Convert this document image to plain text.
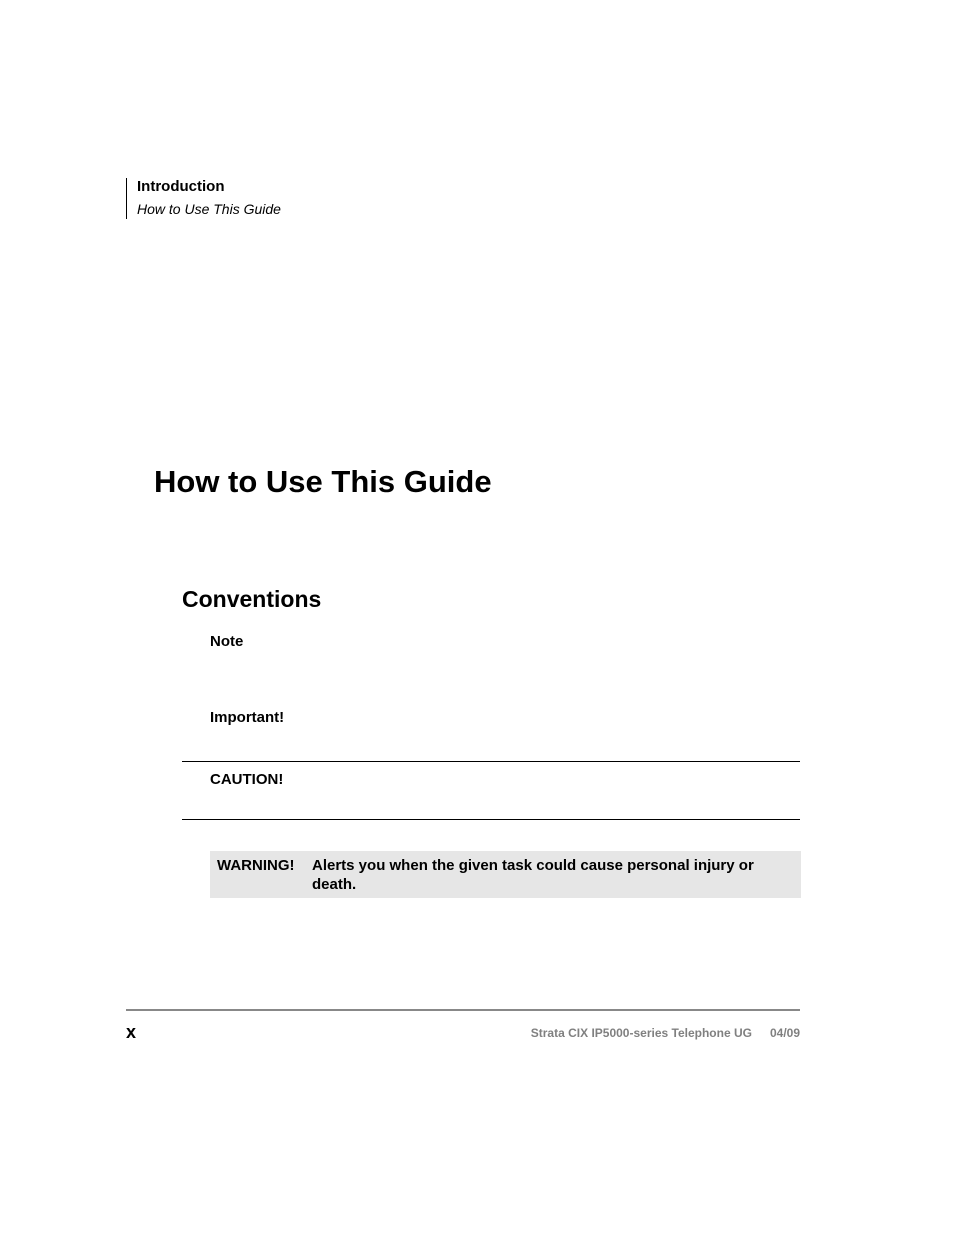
Introduction
How to Use This Guide
How to Use This Guide
Conventions
Note
Important!
CAUTION!
WARNING!	Alerts you when the given task could cause personal injury or death.
x	Strata CIX IP5000-series Telephone UG 04/09
